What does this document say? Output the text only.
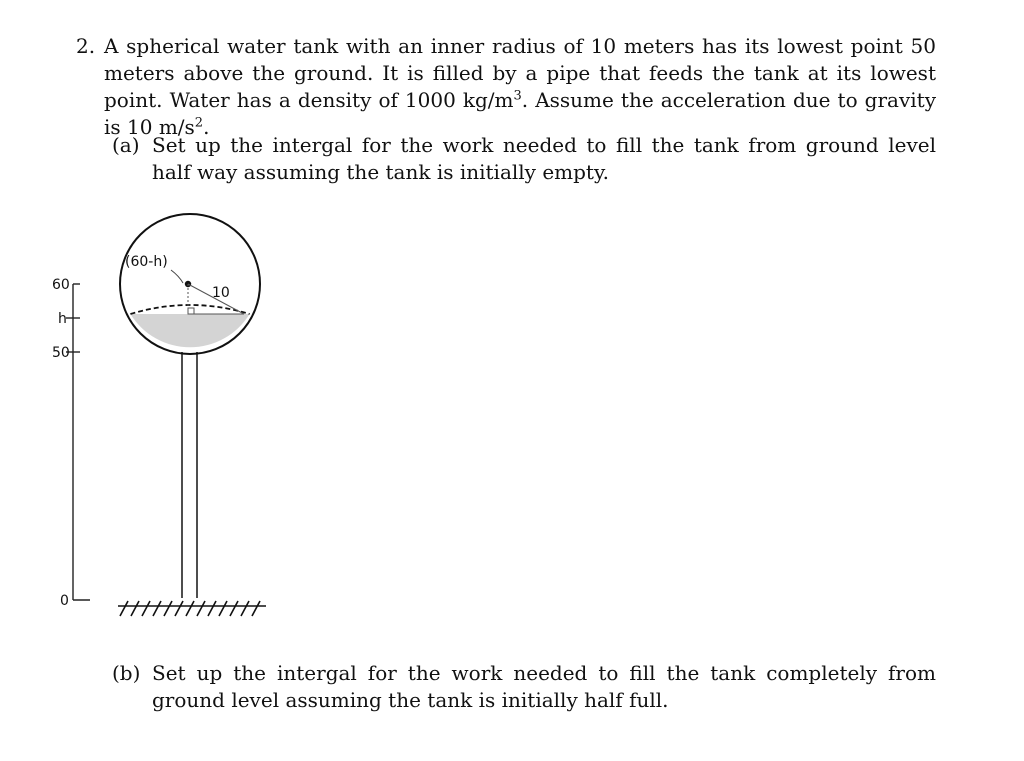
2. A spherical water tank with an inner radius of 10 meters has its lowest point 50 meters above the ground. It is filled by a pipe that feeds the tank at its lowest point. Water has a density of 1000 $kg/m^3$. Assume the acceleration due to gravity is 10 $m/s^2$.
(a) Set up the intergal for the work needed to fill the tank from ground level half way assuming the tank is initially empty.
60
h
50
0
(60-h)
10
(b) Set up the intergal for the work needed to fill the tank completely from ground level assuming the tank is initially half full.
